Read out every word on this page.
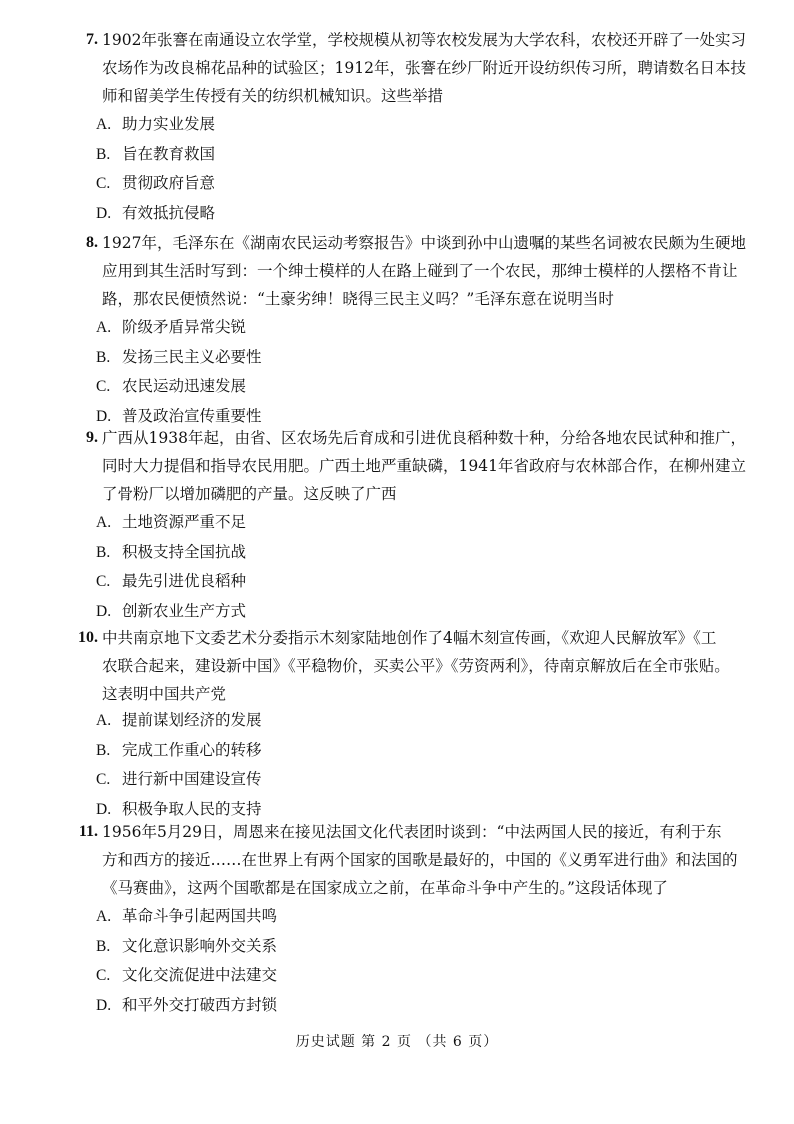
7. 1902年张謇在南通设立农学堂，学校规模从初等农校发展为大学农科，农校还开辟了一处实习
农场作为改良棉花品种的试验区；1912年，张謇在纱厂附近开设纺织传习所，聘请数名日本技
师和留美学生传授有关的纺织机械知识。这些举措
A. 助力实业发展
B. 旨在教育救国
C. 贯彻政府旨意
D. 有效抵抗侵略
8. 1927年，毛泽东在《湖南农民运动考察报告》中谈到孙中山遗嘱的某些名词被农民颇为生硬地
应用到其生活时写到：一个绅士模样的人在路上碰到了一个农民，那绅士模样的人摆格不肯让
路，那农民便愤然说：“土豪劣绅！晓得三民主义吗？”毛泽东意在说明当时
A. 阶级矛盾异常尖锐
B. 发扬三民主义必要性
C. 农民运动迅速发展
D. 普及政治宣传重要性
9. 广西从1938年起，由省、区农场先后育成和引进优良稻种数十种，分给各地农民试种和推广，
同时大力提倡和指导农民用肥。广西土地严重缺磷，1941年省政府与农林部合作，在柳州建立
了骨粉厂以增加磷肥的产量。这反映了广西
A. 土地资源严重不足
B. 积极支持全国抗战
C. 最先引进优良稻种
D. 创新农业生产方式
10. 中共南京地下文委艺术分委指示木刻家陆地创作了4幅木刻宣传画，《欢迎人民解放军》《工
农联合起来，建设新中国》《平稳物价，买卖公平》《劳资两利》，待南京解放后在全市张贴。
这表明中国共产党
A. 提前谋划经济的发展
B. 完成工作重心的转移
C. 进行新中国建设宣传
D. 积极争取人民的支持
11. 1956年5月29日，周恩来在接见法国文化代表团时谈到：“中法两国人民的接近，有利于东
方和西方的接近……在世界上有两个国家的国歌是最好的，中国的《义勇军进行曲》和法国的
《马赛曲》，这两个国歌都是在国家成立之前，在革命斗争中产生的。”这段话体现了
A. 革命斗争引起两国共鸣
B. 文化意识影响外交关系
C. 文化交流促进中法建交
D. 和平外交打破西方封锁
历史试题 第 2 页 （共 6 页）
